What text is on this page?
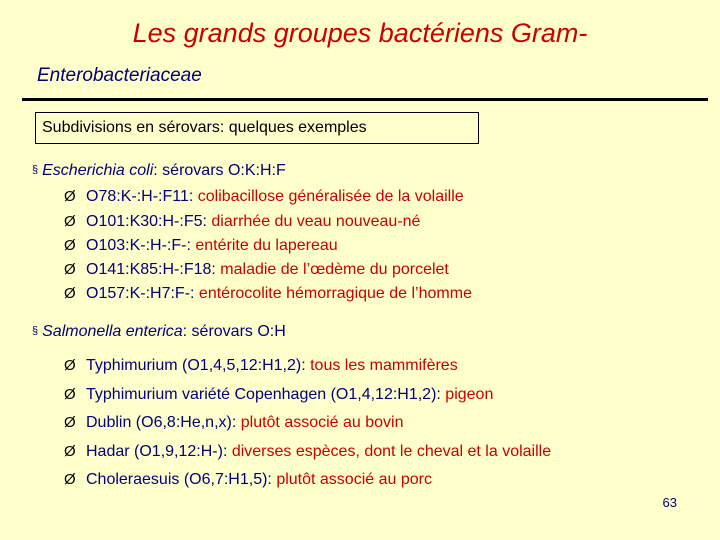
Les grands groupes bactériens Gram-
Enterobacteriaceae
Subdivisions en sérovars: quelques exemples
§ Escherichia coli: sérovars O:K:H:F
Ø O78:K-:H-:F11: colibacillose généralisée de la volaille
Ø O101:K30:H-:F5: diarrhée du veau nouveau-né
Ø O103:K-:H-:F-: entérite du lapereau
Ø O141:K85:H-:F18: maladie de l’œdème du porcelet
Ø O157:K-:H7:F-: entérocolite hémorragique de l’homme
§ Salmonella enterica: sérovars O:H
Ø Typhimurium (O1,4,5,12:H1,2): tous les mammifères
Ø Typhimurium variété Copenhagen (O1,4,12:H1,2): pigeon
Ø Dublin (O6,8:He,n,x): plutôt associé au bovin
Ø Hadar (O1,9,12:H-): diverses espèces, dont le cheval et la volaille
Ø Choleraesuis (O6,7:H1,5): plutôt associé au porc
63
